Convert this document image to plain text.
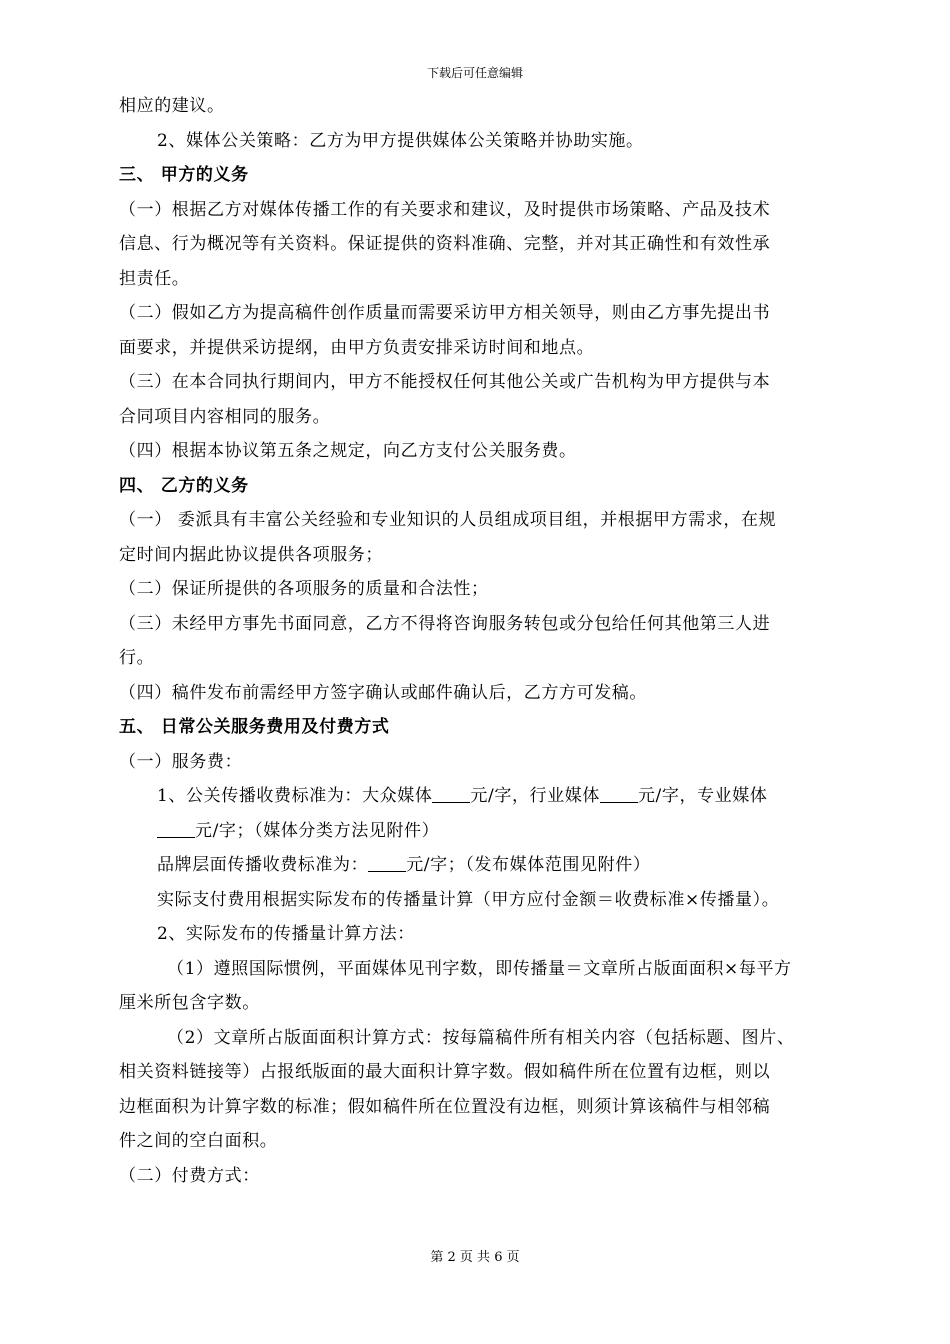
下载后可任意编辑

相应的建议。

2、媒体公关策略：乙方为甲方提供媒体公关策略并协助实施。

三、 甲方的义务

（一）根据乙方对媒体传播工作的有关要求和建议，及时提供市场策略、产品及技术

信息、行为概况等有关资料。保证提供的资料准确、完整，并对其正确性和有效性承

担责任。

（二）假如乙方为提高稿件创作质量而需要采访甲方相关领导，则由乙方事先提出书

面要求，并提供采访提纲，由甲方负责安排采访时间和地点。

（三）在本合同执行期间内，甲方不能授权任何其他公关或广告机构为甲方提供与本

合同项目内容相同的服务。

（四）根据本协议第五条之规定，向乙方支付公关服务费。

四、 乙方的义务

（一） 委派具有丰富公关经验和专业知识的人员组成项目组，并根据甲方需求，在规

定时间内据此协议提供各项服务；

（二）保证所提供的各项服务的质量和合法性；

（三）未经甲方事先书面同意，乙方不得将咨询服务转包或分包给任何其他第三人进

行。

（四）稿件发布前需经甲方签字确认或邮件确认后，乙方方可发稿。

五、 日常公关服务费用及付费方式

（一）服务费：

1、公关传播收费标准为：大众媒体 元/字，行业媒体 元/字，专业媒体

元/字；（媒体分类方法见附件）

品牌层面传播收费标准为： 元/字；（发布媒体范围见附件）

实际支付费用根据实际发布的传播量计算（甲方应付金额＝收费标准×传播量）。

2、实际发布的传播量计算方法：

（1）遵照国际惯例，平面媒体见刊字数，即传播量＝文章所占版面面积×每平方

厘米所包含字数。

（2）文章所占版面面积计算方式：按每篇稿件所有相关内容（包括标题、图片、

相关资料链接等）占报纸版面的最大面积计算字数。假如稿件所在位置有边框，则以

边框面积为计算字数的标准；假如稿件所在位置没有边框，则须计算该稿件与相邻稿

件之间的空白面积。

（二）付费方式：

第 2 页 共 6 页
